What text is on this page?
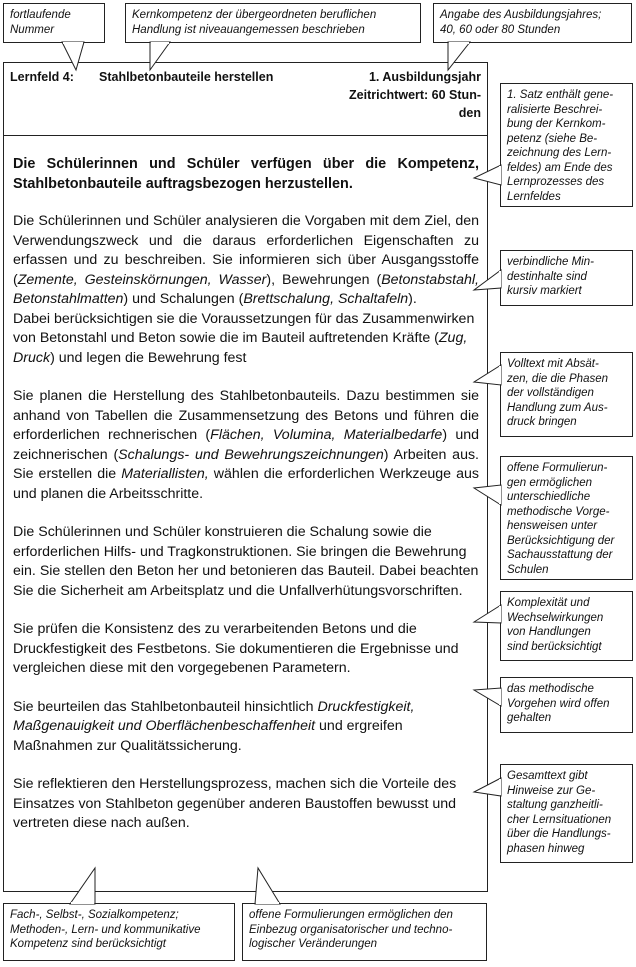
fortlaufende
Nummer
Kernkompetenz der übergeordneten beruflichen
Handlung ist niveauangemessen beschrieben
Angabe des Ausbildungsjahres;
40, 60 oder 80 Stunden
Lernfeld 4: Stahlbetonbauteile herstellen	1. Ausbildungsjahr
Zeitrichtwert: 60 Stun-
den

Die Schülerinnen und Schüler verfügen über die Kompetenz, Stahlbetonbauteile auftragsbezogen herzustellen.

Die Schülerinnen und Schüler analysieren die Vorgaben mit dem Ziel, den Verwendungszweck und die daraus erforderlichen Eigenschaften zu erfassen und zu beschreiben. Sie informieren sich über Ausgangsstoffe (Zemente, Gesteinskörnungen, Wasser), Bewehrungen (Betonstabstahl, Betonstahlmatten) und Schalungen (Brettschalung, Schaltafeln).

Dabei berücksichtigen sie die Voraussetzungen für das Zusammenwirken von Betonstahl und Beton sowie die im Bauteil auftretenden Kräfte (Zug, Druck) und legen die Bewehrung fest

Sie planen die Herstellung des Stahlbetonbauteils. Dazu bestimmen sie anhand von Tabellen die Zusammensetzung des Betons und führen die erforderlichen rechnerischen (Flächen, Volumina, Materialbedarfe) und zeichnerischen (Schalungs- und Bewehrungszeichnungen) Arbeiten aus. Sie erstellen die Materiallisten, wählen die erforderlichen Werkzeuge aus und planen die Arbeitsschritte.

Die Schülerinnen und Schüler konstruieren die Schalung sowie die erforderlichen Hilfs- und Tragkonstruktionen. Sie bringen die Bewehrung ein. Sie stellen den Beton her und betonieren das Bauteil. Dabei beachten Sie die Sicherheit am Arbeitsplatz und die Unfallverhütungsvorschriften.

Sie prüfen die Konsistenz des zu verarbeitenden Betons und die Druckfestigkeit des Festbetons. Sie dokumentieren die Ergebnisse und vergleichen diese mit den vorgegebenen Parametern.

Sie beurteilen das Stahlbetonbauteil hinsichtlich Druckfestigkeit, Maßgenauigkeit und Oberflächenbeschaffenheit und ergreifen Maßnahmen zur Qualitätssicherung.

Sie reflektieren den Herstellungsprozess, machen sich die Vorteile des Einsatzes von Stahlbeton gegenüber anderen Baustoffen bewusst und vertreten diese nach außen.

1. Satz enthält gene-
ralisierte Beschrei-
bung der Kernkom-
petenz (siehe Be-
zeichnung des Lern-
feldes) am Ende des
Lernprozesses des
Lernfeldes
verbindliche Min-
destinhalte sind
kursiv markiert
Volltext mit Absät-
zen, die die Phasen
der vollständigen
Handlung zum Aus-
druck bringen
offene Formulierun-
gen ermöglichen
unterschiedliche
methodische Vorge-
hensweisen unter
Berücksichtigung der
Sachausstattung der
Schulen
Komplexität und
Wechselwirkungen
von Handlungen
sind berücksichtigt
das methodische
Vorgehen wird offen
gehalten
Gesamttext gibt
Hinweise zur Ge-
staltung ganzheitli-
cher Lernsituationen
über die Handlungs-
phasen hinweg
Fach-, Selbst-, Sozialkompetenz;
Methoden-, Lern- und kommunikative
Kompetenz sind berücksichtigt
offene Formulierungen ermöglichen den
Einbezug organisatorischer und techno-
logischer Veränderungen
